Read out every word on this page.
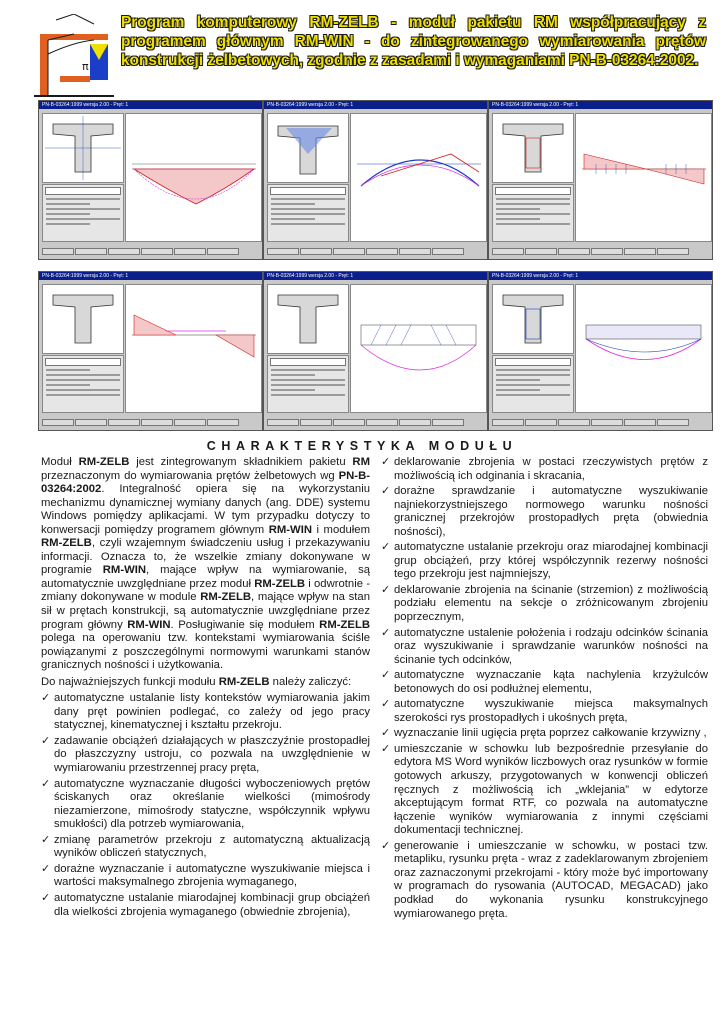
π
Program komputerowy RM-ZELB - moduł pakietu RM współpracujący z programem głównym RM-WIN - do zintegrowanego wymiarowania prętów konstrukcji żelbetowych, zgodnie z zasadami i wymaganiami PN-B-03264:2002.
PN-B-03264:1999 wersja 2.00 - Pręt: 1	PN-B-03264:1999 wersja 2.00 - Pręt: 1	PN-B-03264:1999 wersja 2.00 - Pręt: 1
PN-B-03264:1999 wersja 2.00 - Pręt: 1	PN-B-03264:1999 wersja 2.00 - Pręt: 1	PN-B-03264:1999 wersja 2.00 - Pręt: 1
CHARAKTERYSTYKA MODUŁU

Moduł RM-ZELB jest zintegrowanym składnikiem pakietu RM przeznaczonym do wymiarowania prętów żelbetowych wg PN-B-03264:2002. Integralność opiera się na wykorzystaniu mechanizmu dynamicznej wymiany danych (ang. DDE) systemu Windows pomiędzy aplikacjami. W tym przypadku dotyczy to konwersacji pomiędzy programem głównym RM-WIN i modułem RM-ZELB, czyli wzajemnym świadczeniu usług i przekazywaniu informacji. Oznacza to, że wszelkie zmiany dokonywane w programie RM-WIN, mające wpływ na wymiarowanie, są automatycznie uwzględniane przez moduł RM-ZELB i odwrotnie - zmiany dokonywane w module RM-ZELB, mające wpływ na stan sił w prętach konstrukcji, są automatycznie uwzględniane przez program główny RM-WIN. Posługiwanie się modułem RM-ZELB polega na operowaniu tzw. kontekstami wymiarowania ściśle powiązanymi z poszczególnymi normowymi warunkami stanów granicznych nośności i użytkowania.

Do najważniejszych funkcji modułu RM-ZELB należy zaliczyć:

✓ automatyczne ustalanie listy kontekstów wymiarowania jakim dany pręt powinien podlegać, co zależy od jego pracy statycznej, kinematycznej i kształtu przekroju.
✓ zadawanie obciążeń działających w płaszczyźnie prostopadłej do płaszczyzny ustroju, co pozwala na uwzględnienie w wymiarowaniu przestrzennej pracy pręta,
✓ automatyczne wyznaczanie długości wyboczeniowych prętów ściskanych oraz określanie wielkości (mimośrody niezamierzone, mimośrody statyczne, współczynnik wpływu smukłości) dla potrzeb wymiarowania,
✓ zmianę parametrów przekroju z automatyczną aktualizacją wyników obliczeń statycznych,
✓ dorażne wyznaczanie i automatyczne wyszukiwanie miejsca i wartości maksymalnego zbrojenia wymaganego,
✓ automatyczne ustalanie miarodajnej kombinacji grup obciążeń dla wielkości zbrojenia wymaganego (obwiednie zbrojenia),
✓ deklarowanie zbrojenia w postaci rzeczywistych prętów z możliwością ich odginania i skracania,
✓ dorażne sprawdzanie i automatyczne wyszukiwanie najniekorzystniejszego normowego warunku nośności granicznej przekrojów prostopadłych pręta (obwiednia nośności),
✓ automatyczne ustalanie przekroju oraz miarodajnej kombinacji grup obciążeń, przy której współczynnik rezerwy nośności tego przekroju jest najmniejszy,
✓ deklarowanie zbrojenia na ścinanie (strzemion) z możliwością podziału elementu na sekcje o zróżnicowanym zbrojeniu poprzecznym,
✓ automatyczne ustalenie położenia i rodzaju odcinków ścinania oraz wyszukiwanie i sprawdzanie warunków nośności na ścinanie tych odcinków,
✓ automatyczne wyznaczanie kąta nachylenia krzyżulców betonowych do osi podłużnej elementu,
✓ automatyczne wyszukiwanie miejsca maksymalnych szerokości rys prostopadłych i ukośnych pręta,
✓ wyznaczanie linii ugięcia pręta poprzez całkowanie krzywizny ,
✓ umieszczanie w schowku lub bezpośrednie przesyłanie do edytora MS Word wyników liczbowych oraz rysunków w formie gotowych arkuszy, przygotowanych w konwencji obliczeń ręcznych z możliwością ich „wklejania” w edytorze akceptującym format RTF, co pozwala na automatyczne łączenie wyników wymiarowania z innymi częściami dokumentacji technicznej.
✓ generowanie i umieszczanie w schowku, w postaci tzw. metapliku, rysunku pręta - wraz z zadeklarowanym zbrojeniem oraz zaznaczonymi przekrojami - który może być importowany w programach do rysowania (AUTOCAD, MEGACAD) jako podkład do wykonania rysunku konstrukcyjnego wymiarowanego pręta.
